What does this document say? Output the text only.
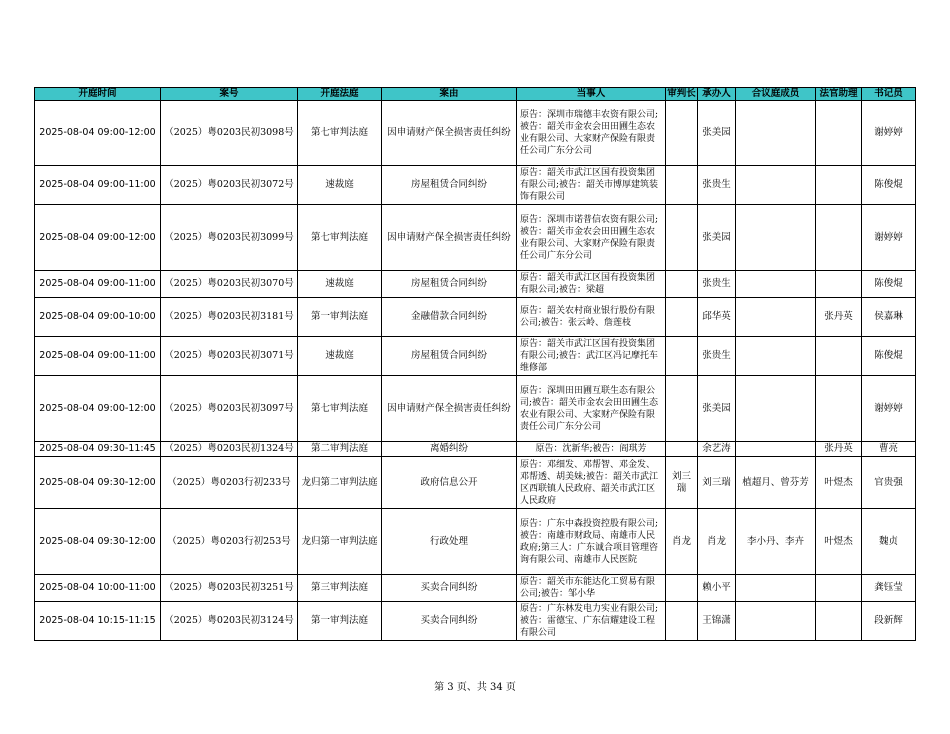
开庭时间	案号	开庭法庭	案由	当事人	审判长	承办人	合议庭成员	法官助理	书记员
2025-08-04 09:00-12:00	（2025）粤0203民初3098号	第七审判法庭	因申请财产保全损害责任纠纷	原告：深圳市瑞德丰农资有限公司;被告：韶关市金农会田田圃生态农业有限公司、大家财产保险有限责任公司广东分公司		张美园			谢婷婷
2025-08-04 09:00-11:00	（2025）粤0203民初3072号	速裁庭	房屋租赁合同纠纷	原告：韶关市武江区国有投资集团有限公司;被告：韶关市博厚建筑装饰有限公司		张贵生			陈俊焜
2025-08-04 09:00-12:00	（2025）粤0203民初3099号	第七审判法庭	因申请财产保全损害责任纠纷	原告：深圳市诺普信农资有限公司;被告：韶关市金农会田田圃生态农业有限公司、大家财产保险有限责任公司广东分公司		张美园			谢婷婷
2025-08-04 09:00-11:00	（2025）粤0203民初3070号	速裁庭	房屋租赁合同纠纷	原告：韶关市武江区国有投资集团有限公司;被告：梁超		张贵生			陈俊焜
2025-08-04 09:00-10:00	（2025）粤0203民初3181号	第一审判法庭	金融借款合同纠纷	原告：韶关农村商业银行股份有限公司;被告：张云岭、詹莲枝		邱华英		张丹英	侯嘉琳
2025-08-04 09:00-11:00	（2025）粤0203民初3071号	速裁庭	房屋租赁合同纠纷	原告：韶关市武江区国有投资集团有限公司;被告：武江区冯记摩托车维修部		张贵生			陈俊焜
2025-08-04 09:00-12:00	（2025）粤0203民初3097号	第七审判法庭	因申请财产保全损害责任纠纷	原告：深圳田田圃互联生态有限公司;被告：韶关市金农会田田圃生态农业有限公司、大家财产保险有限责任公司广东分公司		张美园			谢婷婷
2025-08-04 09:30-11:45	（2025）粤0203民初1324号	第二审判法庭	离婚纠纷	原告：沈新华;被告：阎琪芳		余艺涛		张丹英	曹亮
2025-08-04 09:30-12:00	（2025）粤0203行初233号	龙归第二审判法庭	政府信息公开	原告：邓细发、邓帮智、邓金发、邓帮透、胡美妹;被告：韶关市武江区西联镇人民政府、韶关市武江区人民政府	刘三瑞	刘三瑞	植超月、曾芬芳	叶煜杰	官贵强
2025-08-04 09:30-12:00	（2025）粤0203行初253号	龙归第一审判法庭	行政处理	原告：广东中森投资控股有限公司;被告：南雄市财政局、南雄市人民政府;第三人：广东诚合项目管理咨询有限公司、南雄市人民医院	肖龙	肖龙	李小丹、李卉	叶煜杰	魏贞
2025-08-04 10:00-11:00	（2025）粤0203民初3251号	第三审判法庭	买卖合同纠纷	原告：韶关市东能达化工贸易有限公司;被告：邹小华		赖小平			龚钰莹
2025-08-04 10:15-11:15	（2025）粤0203民初3124号	第一审判法庭	买卖合同纠纷	原告：广东林发电力实业有限公司;被告：雷德宝、广东信耀建设工程有限公司		王锦潇			段新辉
第 3 页、共 34 页
